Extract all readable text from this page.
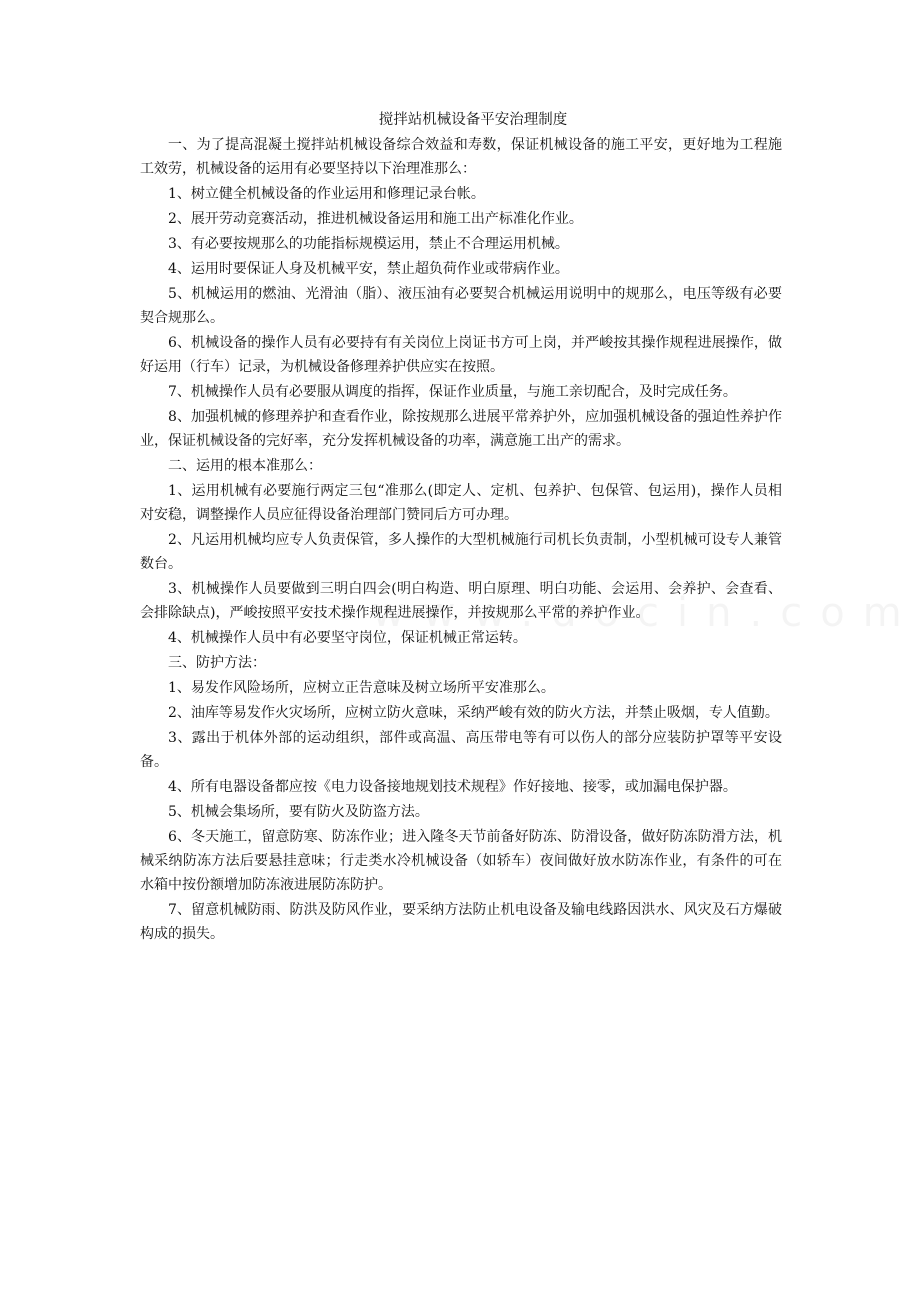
搅拌站机械设备平安治理制度
一、为了提高混凝土搅拌站机械设备综合效益和寿数，保证机械设备的施工平安，更好地为工程施工效劳，机械设备的运用有必要坚持以下治理准那么：
1、树立健全机械设备的作业运用和修理记录台帐。
2、展开劳动竞赛活动，推进机械设备运用和施工出产标准化作业。
3、有必要按规那么的功能指标规模运用，禁止不合理运用机械。
4、运用时要保证人身及机械平安，禁止超负荷作业或带病作业。
5、机械运用的燃油、光滑油（脂）、液压油有必要契合机械运用说明中的规那么，电压等级有必要契合规那么。
6、机械设备的操作人员有必要持有有关岗位上岗证书方可上岗，并严峻按其操作规程进展操作，做好运用（行车）记录，为机械设备修理养护供应实在按照。
7、机械操作人员有必要服从调度的指挥，保证作业质量，与施工亲切配合，及时完成任务。
8、加强机械的修理养护和查看作业，除按规那么进展平常养护外，应加强机械设备的强迫性养护作业，保证机械设备的完好率，充分发挥机械设备的功率，满意施工出产的需求。
二、运用的根本准那么：
1、运用机械有必要施行两定三包“准那么(即定人、定机、包养护、包保管、包运用)，操作人员相对安稳，调整操作人员应征得设备治理部门赞同后方可办理。
2、凡运用机械均应专人负责保管，多人操作的大型机械施行司机长负责制，小型机械可设专人兼管数台。
3、机械操作人员要做到三明白四会(明白构造、明白原理、明白功能、会运用、会养护、会查看、会排除缺点)，严峻按照平安技术操作规程进展操作，并按规那么平常的养护作业。
4、机械操作人员中有必要坚守岗位，保证机械正常运转。
三、防护方法：
1、易发作风险场所，应树立正告意味及树立场所平安准那么。
2、油库等易发作火灾场所，应树立防火意味，采纳严峻有效的防火方法，并禁止吸烟，专人值勤。
3、露出于机体外部的运动组织，部件或高温、高压带电等有可以伤人的部分应装防护罩等平安设备。
4、所有电器设备都应按《电力设备接地规划技术规程》作好接地、接零，或加漏电保护器。
5、机械会集场所，要有防火及防盗方法。
6、冬天施工，留意防寒、防冻作业；进入隆冬天节前备好防冻、防滑设备，做好防冻防滑方法，机械采纳防冻方法后要悬挂意味；行走类水冷机械设备（如轿车）夜间做好放水防冻作业，有条件的可在水箱中按份额增加防冻液进展防冻防护。
7、留意机械防雨、防洪及防风作业，要采纳方法防止机电设备及输电线路因洪水、风灾及石方爆破构成的损失。
